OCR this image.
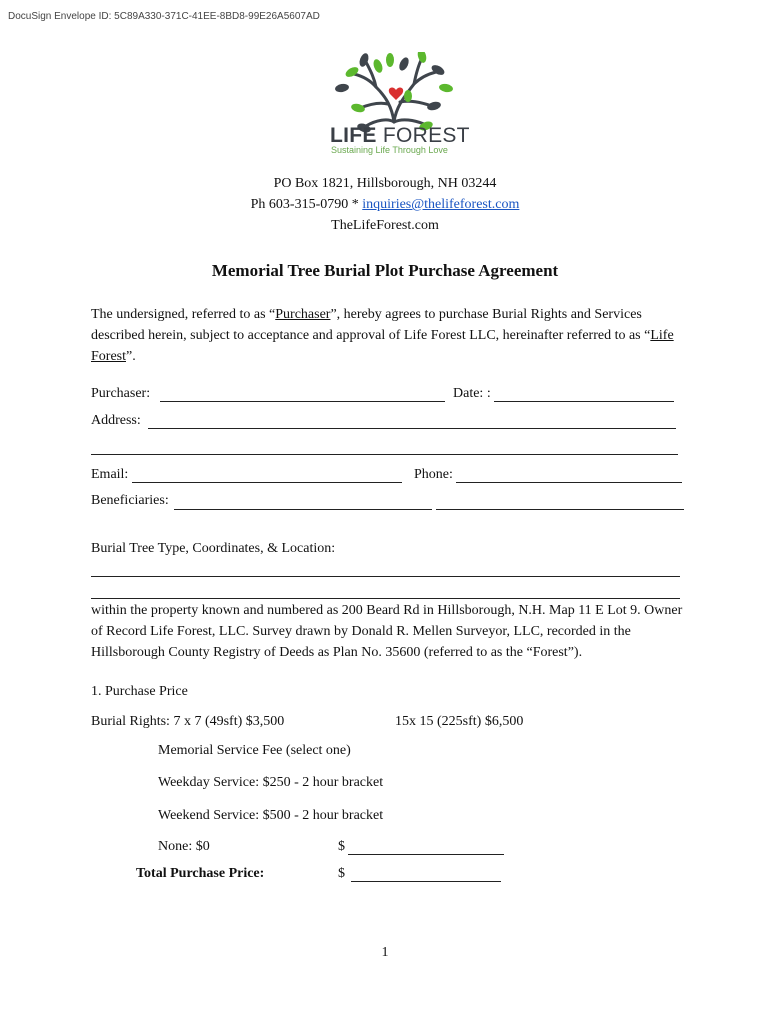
DocuSign Envelope ID: 5C89A330-371C-41EE-8BD8-99E26A5607AD
LIFE FOREST
Sustaining Life Through Love
PO Box 1821, Hillsborough, NH 03244
Ph 603-315-0790 * inquiries@thelifeforest.com
TheLifeForest.com
Memorial Tree Burial Plot Purchase Agreement
The undersigned, referred to as “Purchaser”, hereby agrees to purchase Burial Rights and Services described herein, subject to acceptance and approval of Life Forest LLC, hereinafter referred to as “Life Forest”.
Purchaser:	Date: :
Address:
Email:	Phone:
Beneficiaries:
Burial Tree Type, Coordinates, & Location:
within the property known and numbered as 200 Beard Rd in Hillsborough, N.H. Map 11 E Lot 9. Owner of Record Life Forest, LLC. Survey drawn by Donald R. Mellen Surveyor, LLC, recorded in the Hillsborough County Registry of Deeds as Plan No. 35600 (referred to as the “Forest”).
1. Purchase Price
Burial Rights: 7 x 7 (49sft) $3,500	15x 15 (225sft) $6,500
Memorial Service Fee (select one)
Weekday Service: $250 - 2 hour bracket
Weekend Service: $500 - 2 hour bracket
None: $0	$
Total Purchase Price:	$
1
